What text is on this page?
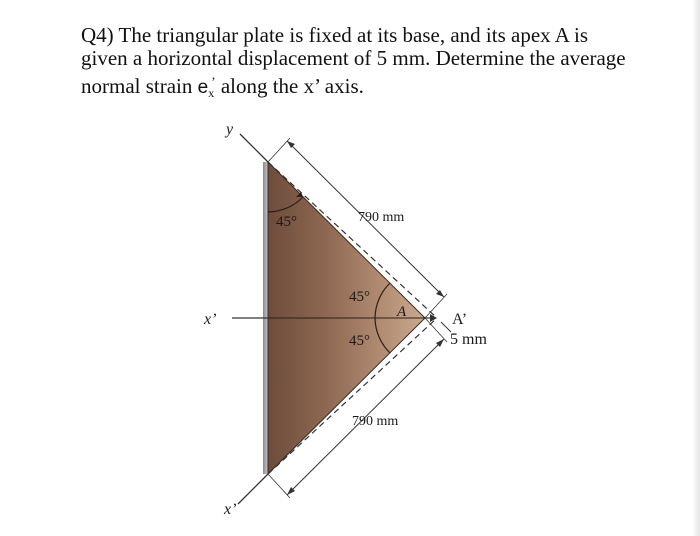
Q4) The triangular plate is fixed at its base, and its apex A is
given a horizontal displacement of 5 mm. Determine the average
normal strain ex’ along the x’ axis.
y
x’
x’
45°
45°
45°
790 mm
790 mm
A	A’
5 mm
